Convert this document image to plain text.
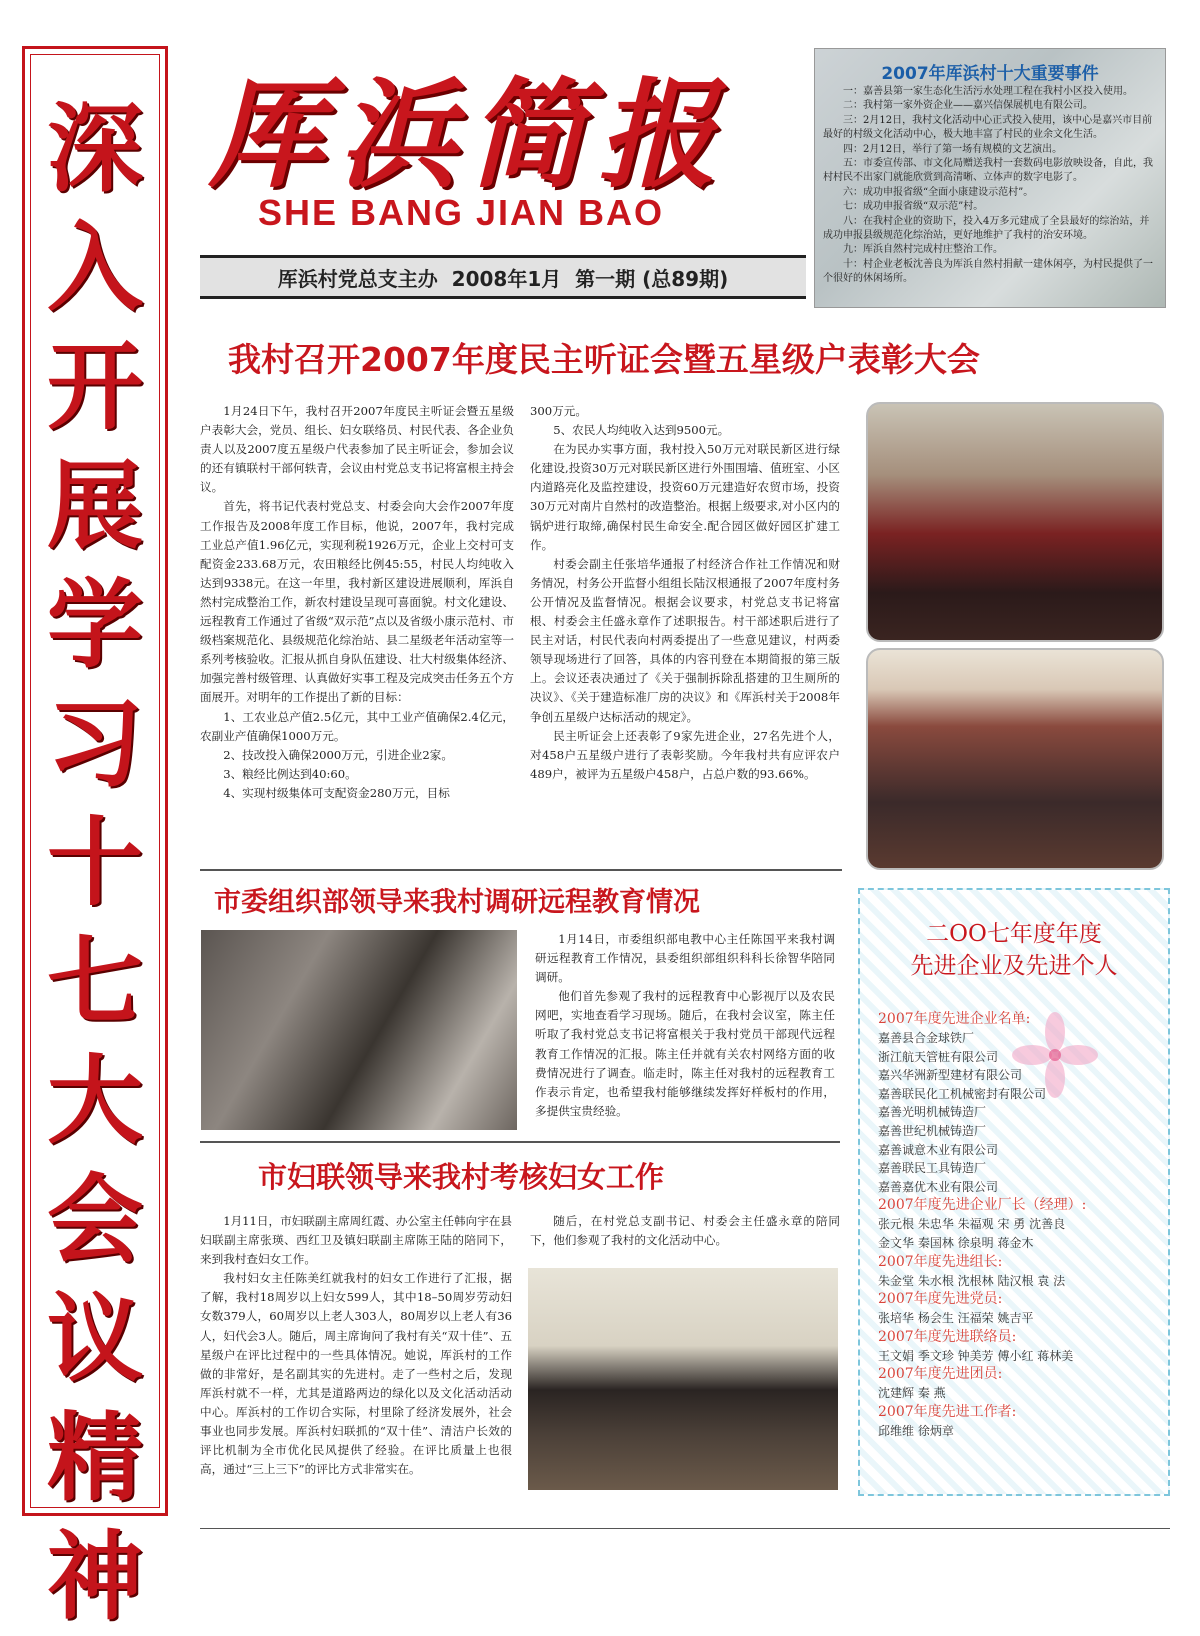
深
入
开
展
学
习
十
七
大
会
议
精
神
厍浜简报
SHE BANG JIAN BAO
厍浜村党总支主办  2008年1月  第一期 (总89期)
2007年厍浜村十大重要事件

一：嘉善县第一家生态化生活污水处理工程在我村小区投入使用。

二：我村第一家外资企业——嘉兴信保展机电有限公司。

三：2月12日，我村文化活动中心正式投入使用，该中心是嘉兴市目前最好的村级文化活动中心，极大地丰富了村民的业余文化生活。

四：2月12日，举行了第一场有规模的文艺演出。

五：市委宣传部、市文化局赠送我村一套数码电影放映设备，自此，我村村民不出家门就能欣赏到高清晰、立体声的数字电影了。

六：成功申报省级“全面小康建设示范村”。

七：成功申报省级“双示范”村。

八：在我村企业的资助下，投入4万多元建成了全县最好的综治站，并成功申报县级规范化综治站，更好地维护了我村的治安环境。

九：厍浜自然村完成村庄整治工作。

十：村企业老板沈善良为厍浜自然村捐献一建休闲亭，为村民提供了一个很好的休闲场所。

我村召开2007年度民主听证会暨五星级户表彰大会

1月24日下午，我村召开2007年度民主听证会暨五星级户表彰大会，党员、组长、妇女联络员、村民代表、各企业负责人以及2007度五星级户代表参加了民主听证会，参加会议的还有镇联村干部何轶青，会议由村党总支书记将富根主持会议。

首先，将书记代表村党总支、村委会向大会作2007年度工作报告及2008年度工作目标，他说，2007年，我村完成工业总产值1.96亿元，实现利税1926万元，企业上交村可支配资金233.68万元，农田粮经比例45:55，村民人均纯收入达到9338元。在这一年里，我村新区建设进展顺利，厍浜自然村完成整治工作，新农村建设呈现可喜面貌。村文化建设、远程教育工作通过了省级“双示范”点以及省级小康示范村、市级档案规范化、县级规范化综治站、县二星级老年活动室等一系列考核验收。汇报从抓自身队伍建设、壮大村级集体经济、加强完善村级管理、认真做好实事工程及完成突击任务五个方面展开。对明年的工作提出了新的目标：

1、工农业总产值2.5亿元，其中工业产值确保2.4亿元，农副业产值确保1000万元。

2、技改投入确保2000万元，引进企业2家。

3、粮经比例达到40:60。

4、实现村级集体可支配资金280万元，目标

300万元。

5、农民人均纯收入达到9500元。

在为民办实事方面，我村投入50万元对联民新区进行绿化建设,投资30万元对联民新区进行外围围墙、值班室、小区内道路亮化及监控建设，投资60万元建造好农贸市场，投资30万元对南片自然村的改造整治。根据上级要求,对小区内的锅炉进行取缔,确保村民生命安全.配合园区做好园区扩建工作。

村委会副主任张培华通报了村经济合作社工作情况和财务情况，村务公开监督小组组长陆汉根通报了2007年度村务公开情况及监督情况。根据会议要求，村党总支书记将富根、村委会主任盛永章作了述职报告。村干部述职后进行了民主对话，村民代表向村两委提出了一些意见建议，村两委领导现场进行了回答，具体的内容刊登在本期简报的第三版上。会议还表决通过了《关于强制拆除乱搭建的卫生厕所的决议》、《关于建造标准厂房的决议》和《厍浜村关于2008年争创五星级户达标活动的规定》。

民主听证会上还表彰了9家先进企业，27名先进个人，对458户五星级户进行了表彰奖励。今年我村共有应评农户489户，被评为五星级户458户，占总户数的93.66%。

市委组织部领导来我村调研远程教育情况

1月14日，市委组织部电教中心主任陈国平来我村调研远程教育工作情况，县委组织部组织科科长徐智华陪同调研。

他们首先参观了我村的远程教育中心影视厅以及农民网吧，实地查看学习现场。随后，在我村会议室，陈主任听取了我村党总支书记将富根关于我村党员干部现代远程教育工作情况的汇报。陈主任并就有关农村网络方面的收费情况进行了调查。临走时，陈主任对我村的远程教育工作表示肯定，也希望我村能够继续发挥好样板村的作用，多提供宝贵经验。

市妇联领导来我村考核妇女工作

1月11日，市妇联副主席周红霞、办公室主任韩向宇在县妇联副主席张瑛、西红卫及镇妇联副主席陈王陆的陪同下，来到我村查妇女工作。

我村妇女主任陈美红就我村的妇女工作进行了汇报，据了解，我村18周岁以上妇女599人，其中18–50周岁劳动妇女数379人，60周岁以上老人303人，80周岁以上老人有36人，妇代会3人。随后，周主席询问了我村有关“双十佳”、五星级户在评比过程中的一些具体情况。她说，厍浜村的工作做的非常好，是名副其实的先进村。走了一些村之后，发现厍浜村就不一样，尤其是道路两边的绿化以及文化活动活动中心。厍浜村的工作切合实际，村里除了经济发展外，社会事业也同步发展。厍浜村妇联抓的“双十佳”、清洁户长效的评比机制为全市优化民风提供了经验。在评比质量上也很高，通过“三上三下”的评比方式非常实在。

随后，在村党总支副书记、村委会主任盛永章的陪同下，他们参观了我村的文化活动中心。

二OO七年度年度
先进企业及先进个人
2007年度先进企业名单:
嘉善县合金球铁厂
浙江航天管桩有限公司
嘉兴华洲新型建材有限公司
嘉善联民化工机械密封有限公司
嘉善光明机械铸造厂
嘉善世纪机械铸造厂
嘉善诚意木业有限公司
嘉善联民工具铸造厂
嘉善嘉优木业有限公司
2007年度先进企业厂长（经理）:
张元根 朱忠华 朱福观 宋 勇 沈善良
金文华 秦国林 徐泉明 蒋金木
2007年度先进组长:
朱金堂 朱水根 沈根林 陆汉根 袁 法
2007年度先进党员:
张培华 杨会生 汪福荣 姚吉平
2007年度先进联络员:
王文娟 季文珍 钟美芳 傅小红 蒋林美
2007年度先进团员:
沈建辉 秦 燕
2007年度先进工作者:
邱维维 徐炳章
